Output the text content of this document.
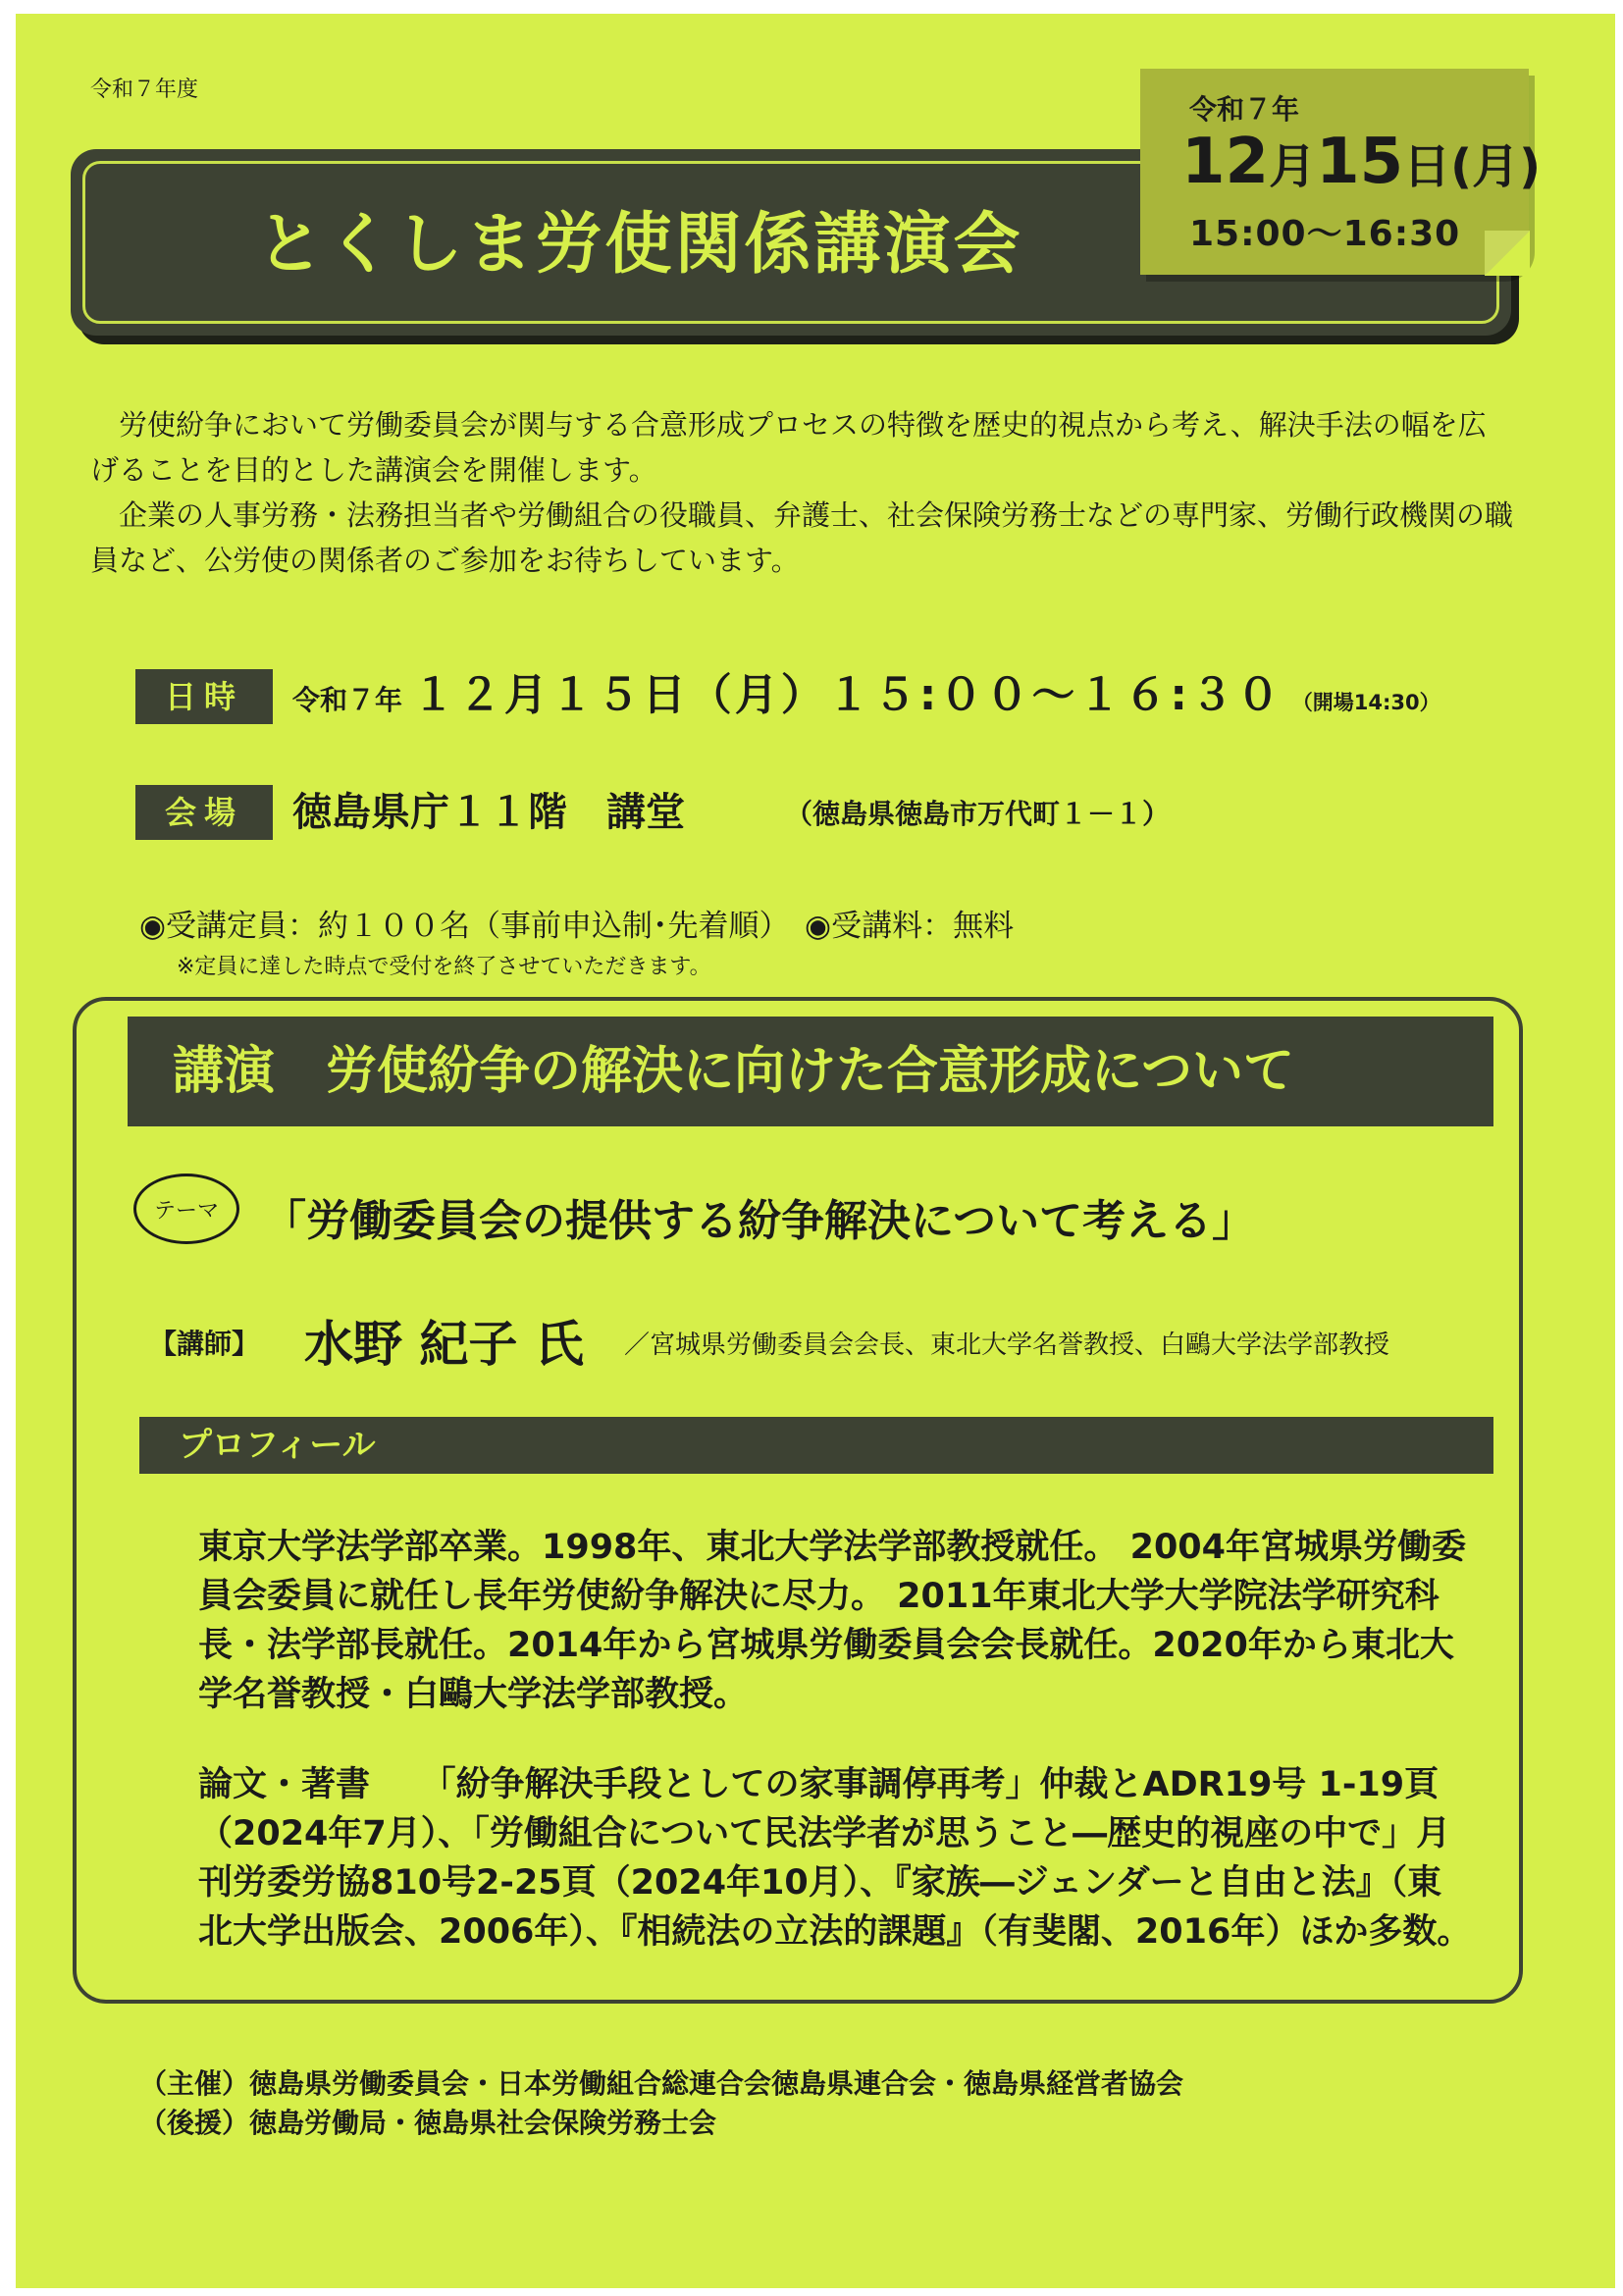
令和７年度
とくしま労使関係講演会
令和７年
12月15日(月)
15:00～16:30

労使紛争において労働委員会が関与する合意形成プロセスの特徴を歴史的視点から考え、解決手法の幅を広げることを目的とした講演会を開催します。

企業の人事労務・法務担当者や労働組合の役職員、弁護士、社会保険労務士などの専門家、労働行政機関の職員など、公労使の関係者のご参加をお待ちしています。

日時	令和７年 １２月１５日（月）１５:００～１６:３０ （開場14:30）
会場	徳島県庁１１階　講堂	（徳島県徳島市万代町１－１）
◉受講定員：約１００名（事前申込制･先着順）　◉受講料：無料
※定員に達した時点で受付を終了させていただきます。
講演　労使紛争の解決に向けた合意形成について
テーマ	「労働委員会の提供する紛争解決について考える」
【講師】 水野 紀子 氏 ／宮城県労働委員会会長、東北大学名誉教授、白鷗大学法学部教授
プロフィール

東京大学法学部卒業。1998年、東北大学法学部教授就任。 2004年宮城県労働委員会委員に就任し長年労使紛争解決に尽力。 2011年東北大学大学院法学研究科長・法学部長就任。2014年から宮城県労働委員会会長就任。2020年から東北大学名誉教授・白鷗大学法学部教授。

論文・著書　　「紛争解決手段としての家事調停再考」仲裁とADR19号 1-19頁（2024年7月）、「労働組合について民法学者が思うこと―歴史的視座の中で」月刊労委労協810号2-25頁（2024年10月）、『家族―ジェンダーと自由と法』（東北大学出版会、2006年）、『相続法の立法的課題』（有斐閣、2016年）ほか多数。

（主催）徳島県労働委員会・日本労働組合総連合会徳島県連合会・徳島県経営者協会
（後援）徳島労働局・徳島県社会保険労務士会
